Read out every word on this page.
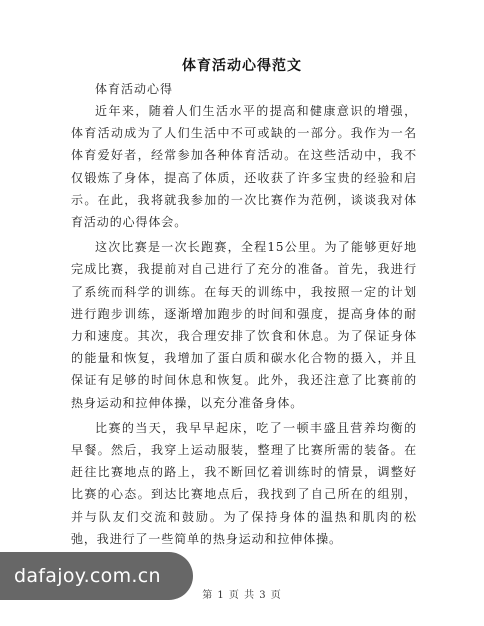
体育活动心得范文
体育活动心得

近年来，随着人们生活水平的提高和健康意识的增强，体育活动成为了人们生活中不可或缺的一部分。我作为一名体育爱好者，经常参加各种体育活动。在这些活动中，我不仅锻炼了身体，提高了体质，还收获了许多宝贵的经验和启示。在此，我将就我参加的一次比赛作为范例，谈谈我对体育活动的心得体会。

这次比赛是一次长跑赛，全程15公里。为了能够更好地完成比赛，我提前对自己进行了充分的准备。首先，我进行了系统而科学的训练。在每天的训练中，我按照一定的计划进行跑步训练，逐渐增加跑步的时间和强度，提高身体的耐力和速度。其次，我合理安排了饮食和休息。为了保证身体的能量和恢复，我增加了蛋白质和碳水化合物的摄入，并且保证有足够的时间休息和恢复。此外，我还注意了比赛前的热身运动和拉伸体操，以充分准备身体。

比赛的当天，我早早起床，吃了一顿丰盛且营养均衡的早餐。然后，我穿上运动服装，整理了比赛所需的装备。在赶往比赛地点的路上，我不断回忆着训练时的情景，调整好比赛的心态。到达比赛地点后，我找到了自己所在的组别，并与队友们交流和鼓励。为了保持身体的温热和肌肉的松弛，我进行了一些简单的热身运动和拉伸体操。

第 1 页 共 3 页
dafajoy.com.cn
